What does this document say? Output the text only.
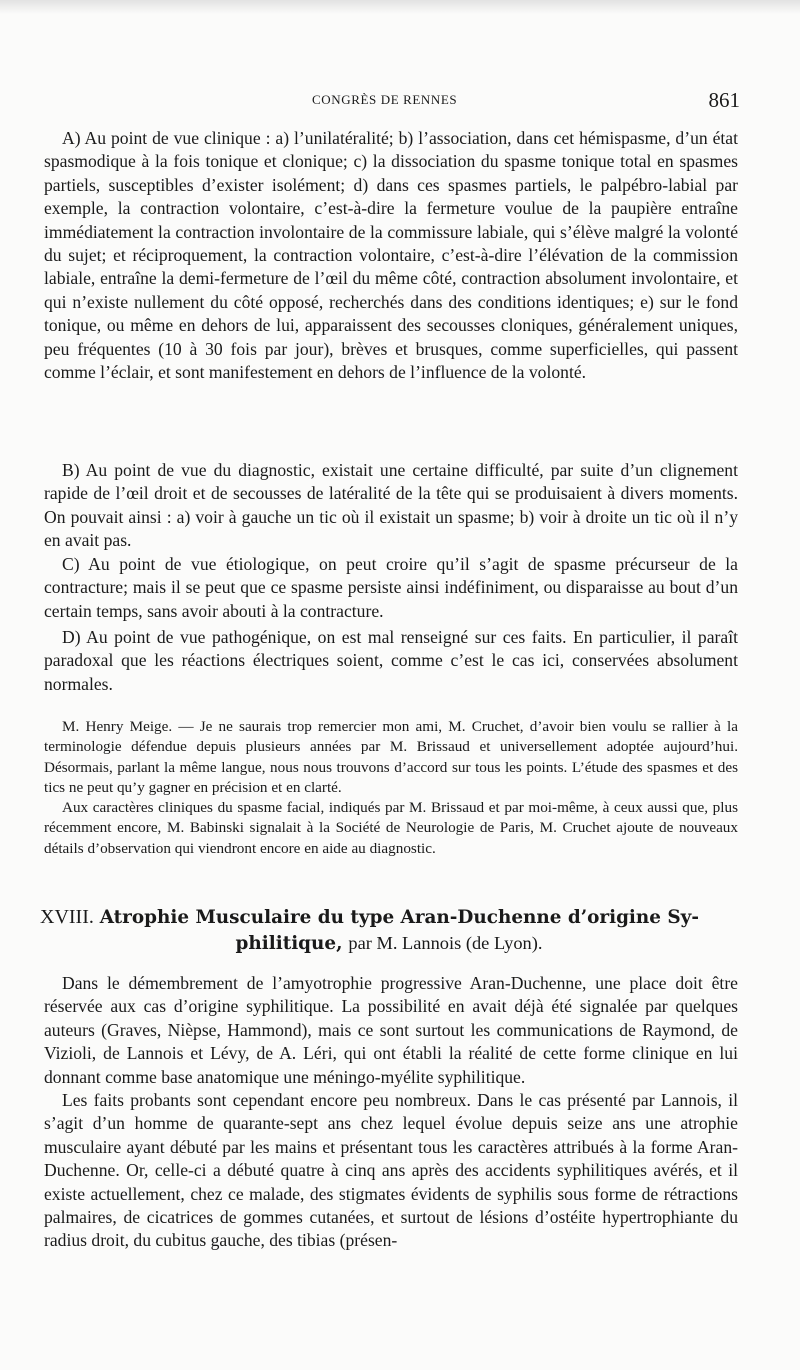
CONGRÈS DE RENNES	861

A) Au point de vue clinique : a) l’unilatéralité; b) l’association, dans cet hémispasme, d’un état spasmodique à la fois tonique et clonique; c) la dissociation du spasme tonique total en spasmes partiels, susceptibles d’exister isolément; d) dans ces spasmes partiels, le palpébro-labial par exemple, la contraction volontaire, c’est-à-dire la fermeture voulue de la paupière entraîne immédiatement la contraction involontaire de la commissure labiale, qui s’élève malgré la volonté du sujet; et réciproquement, la contraction volontaire, c’est-à-dire l’élévation de la commission labiale, entraîne la demi-fermeture de l’œil du même côté, contraction absolument involontaire, et qui n’existe nullement du côté opposé, recherchés dans des conditions identiques; e) sur le fond tonique, ou même en dehors de lui, apparaissent des secousses cloniques, généralement uniques, peu fréquentes (10 à 30 fois par jour), brèves et brusques, comme superficielles, qui passent comme l’éclair, et sont manifestement en dehors de l’influence de la volonté.

B) Au point de vue du diagnostic, existait une certaine difficulté, par suite d’un clignement rapide de l’œil droit et de secousses de latéralité de la tête qui se produisaient à divers moments. On pouvait ainsi : a) voir à gauche un tic où il existait un spasme; b) voir à droite un tic où il n’y en avait pas.

C) Au point de vue étiologique, on peut croire qu’il s’agit de spasme précurseur de la contracture; mais il se peut que ce spasme persiste ainsi indéfiniment, ou disparaisse au bout d’un certain temps, sans avoir abouti à la contracture.

D) Au point de vue pathogénique, on est mal renseigné sur ces faits. En particulier, il paraît paradoxal que les réactions électriques soient, comme c’est le cas ici, conservées absolument normales.

M. Henry Meige. — Je ne saurais trop remercier mon ami, M. Cruchet, d’avoir bien voulu se rallier à la terminologie défendue depuis plusieurs années par M. Brissaud et universellement adoptée aujourd’hui. Désormais, parlant la même langue, nous nous trouvons d’accord sur tous les points. L’étude des spasmes et des tics ne peut qu’y gagner en précision et en clarté.

Aux caractères cliniques du spasme facial, indiqués par M. Brissaud et par moi-même, à ceux aussi que, plus récemment encore, M. Babinski signalait à la Société de Neurologie de Paris, M. Cruchet ajoute de nouveaux détails d’observation qui viendront encore en aide au diagnostic.

XVIII. Atrophie Musculaire du type Aran-Duchenne d’origine Sy-
philitique, par M. Lannois (de Lyon).

Dans le démembrement de l’amyotrophie progressive Aran-Duchenne, une place doit être réservée aux cas d’origine syphilitique. La possibilité en avait déjà été signalée par quelques auteurs (Graves, Nièpse, Hammond), mais ce sont surtout les communications de Raymond, de Vizioli, de Lannois et Lévy, de A. Léri, qui ont établi la réalité de cette forme clinique en lui donnant comme base anatomique une méningo-myélite syphilitique.

Les faits probants sont cependant encore peu nombreux. Dans le cas présenté par Lannois, il s’agit d’un homme de quarante-sept ans chez lequel évolue depuis seize ans une atrophie musculaire ayant débuté par les mains et présentant tous les caractères attribués à la forme Aran-Duchenne. Or, celle-ci a débuté quatre à cinq ans après des accidents syphilitiques avérés, et il existe actuellement, chez ce malade, des stigmates évidents de syphilis sous forme de rétractions palmaires, de cicatrices de gommes cutanées, et surtout de lésions d’ostéite hypertrophiante du radius droit, du cubitus gauche, des tibias (présen-
